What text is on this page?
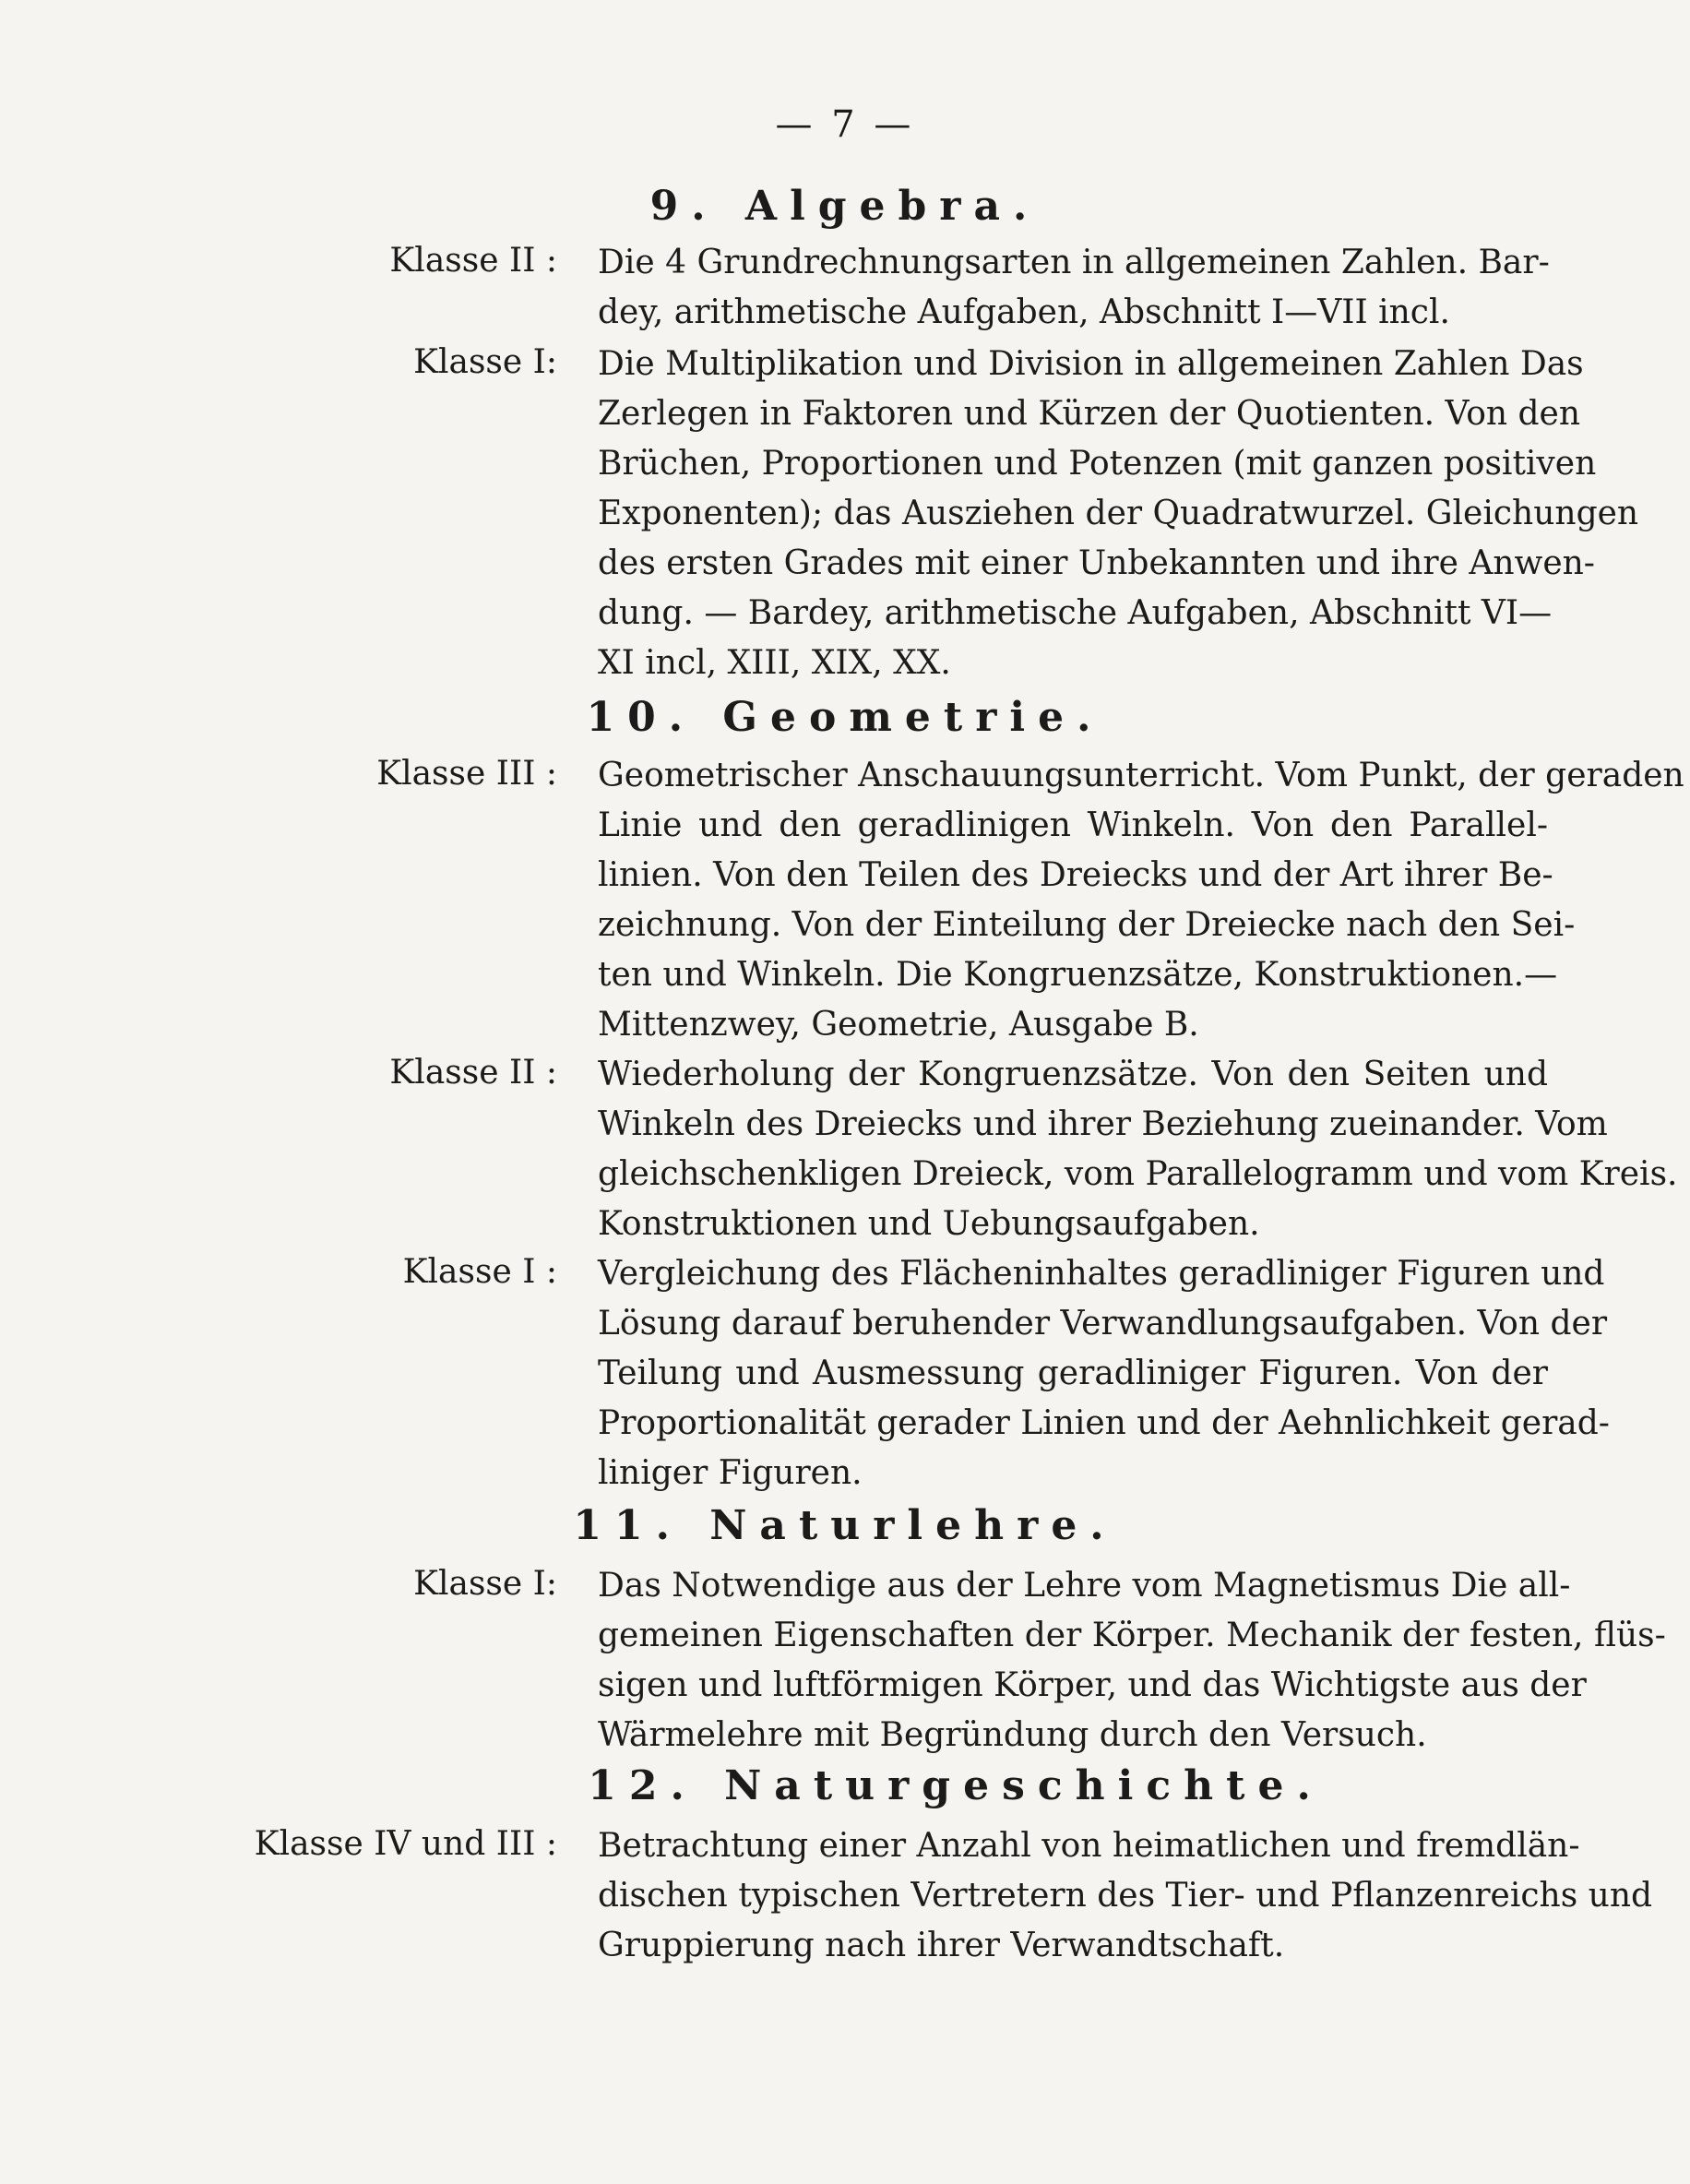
— 7 —
9. Algebra.
Klasse II : Die 4 Grundrechnungsarten in allgemeinen Zahlen. Bar-
dey, arithmetische Aufgaben, Abschnitt I—VII incl.
Klasse I: Die Multiplikation und Division in allgemeinen Zahlen Das
Zerlegen in Faktoren und Kürzen der Quotienten. Von den
Brüchen, Proportionen und Potenzen (mit ganzen positiven
Exponenten); das Ausziehen der Quadratwurzel. Gleichungen
des ersten Grades mit einer Unbekannten und ihre Anwen-
dung. — Bardey, arithmetische Aufgaben, Abschnitt VI—
XI incl, XIII, XIX, XX.
10. Geometrie.
Klasse III : Geometrischer Anschauungsunterricht. Vom Punkt, der geraden
Linie und den geradlinigen Winkeln. Von den Parallel-
linien. Von den Teilen des Dreiecks und der Art ihrer Be-
zeichnung. Von der Einteilung der Dreiecke nach den Sei-
ten und Winkeln. Die Kongruenzsätze, Konstruktionen.—
Mittenzwey, Geometrie, Ausgabe B.
Klasse II : Wiederholung der Kongruenzsätze. Von den Seiten und
Winkeln des Dreiecks und ihrer Beziehung zueinander. Vom
gleichschenkligen Dreieck, vom Parallelogramm und vom Kreis.
Konstruktionen und Uebungsaufgaben.
Klasse I : Vergleichung des Flächeninhaltes geradliniger Figuren und
Lösung darauf beruhender Verwandlungsaufgaben. Von der
Teilung und Ausmessung geradliniger Figuren. Von der
Proportionalität gerader Linien und der Aehnlichkeit gerad-
liniger Figuren.
11. Naturlehre.
Klasse I: Das Notwendige aus der Lehre vom Magnetismus Die all-
gemeinen Eigenschaften der Körper. Mechanik der festen, flüs-
sigen und luftförmigen Körper, und das Wichtigste aus der
Wärmelehre mit Begründung durch den Versuch.
12. Naturgeschichte.
Klasse IV und III : Betrachtung einer Anzahl von heimatlichen und fremdlän-
dischen typischen Vertretern des Tier- und Pflanzenreichs und
Gruppierung nach ihrer Verwandtschaft.
